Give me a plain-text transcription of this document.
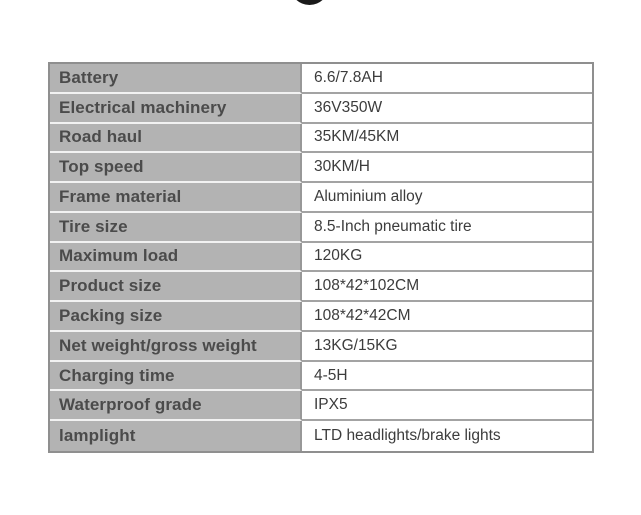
Battery	6.6/7.8AH
Electrical machinery	36V350W
Road haul	35KM/45KM
Top speed	30KM/H
Frame material	Aluminium alloy
Tire size	8.5-Inch pneumatic tire
Maximum load	120KG
Product size	108*42*102CM
Packing size	108*42*42CM
Net weight/gross weight	13KG/15KG
Charging time	4-5H
Waterproof grade	IPX5
lamplight	LTD headlights/brake lights
